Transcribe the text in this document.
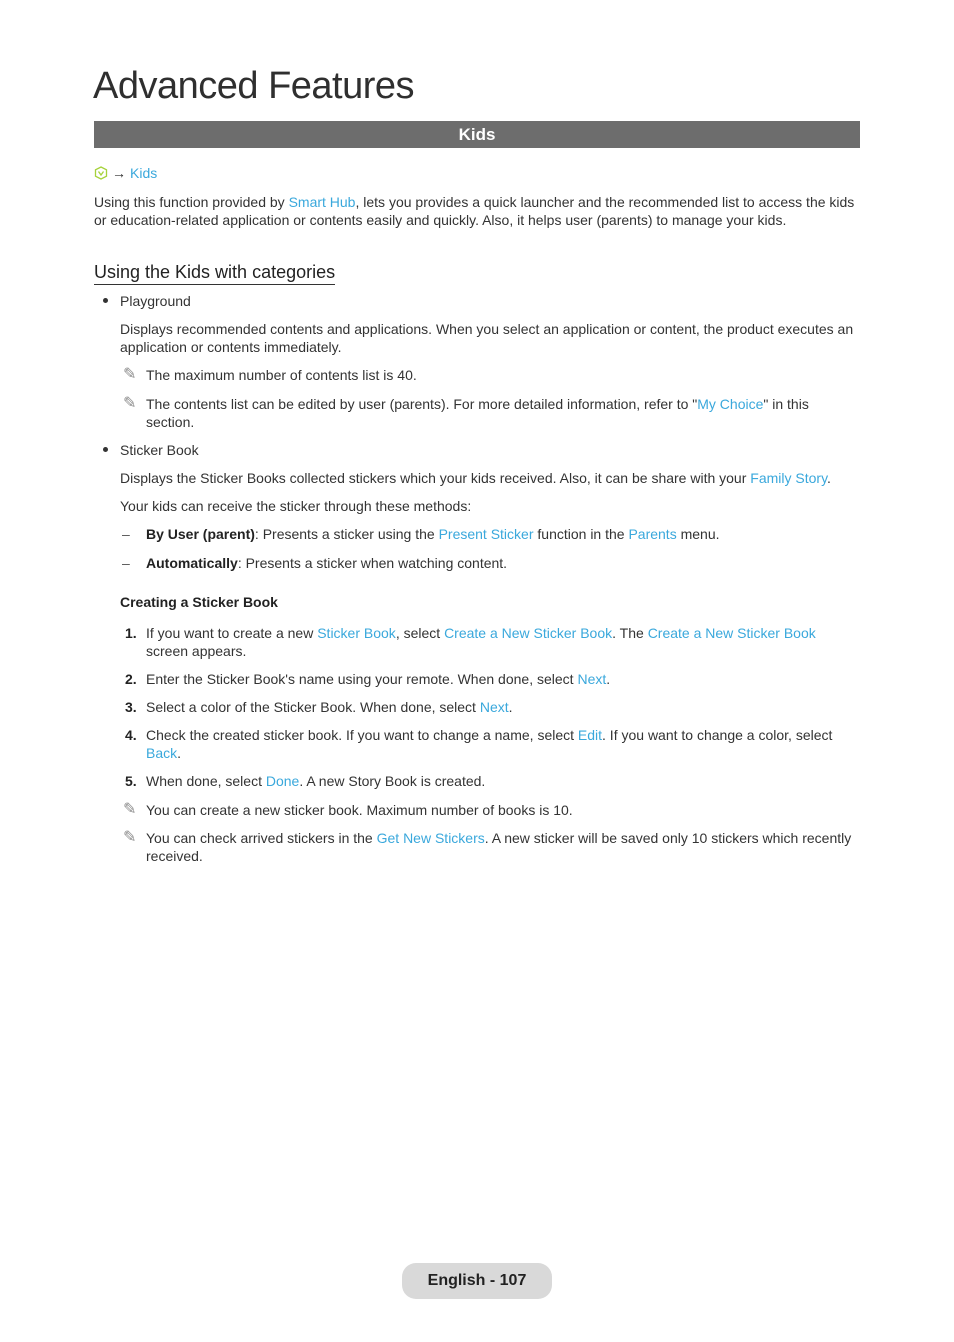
Advanced Features
Kids
→ Kids

Using this function provided by Smart Hub, lets you provides a quick launcher and the recommended list to access the kids or education-related application or contents easily and quickly. Also, it helps user (parents) to manage your kids.

Using the Kids with categories

Playground

Displays recommended contents and applications. When you select an application or content, the product executes an application or contents immediately.

✎ The maximum number of contents list is 40.

✎ The contents list can be edited by user (parents). For more detailed information, refer to "My Choice" in this section.

Sticker Book

Displays the Sticker Books collected stickers which your kids received. Also, it can be share with your Family Story.

Your kids can receive the sticker through these methods:

– By User (parent): Presents a sticker using the Present Sticker function in the Parents menu.

– Automatically: Presents a sticker when watching content.

Creating a Sticker Book
1. If you want to create a new Sticker Book, select Create a New Sticker Book. The Create a New Sticker Book screen appears.

2. Enter the Sticker Book's name using your remote. When done, select Next.

3. Select a color of the Sticker Book. When done, select Next.

4. Check the created sticker book. If you want to change a name, select Edit. If you want to change a color, select Back.

5. When done, select Done. A new Story Book is created.

✎ You can create a new sticker book. Maximum number of books is 10.

✎ You can check arrived stickers in the Get New Stickers. A new sticker will be saved only 10 stickers which recently received.

English - 107
